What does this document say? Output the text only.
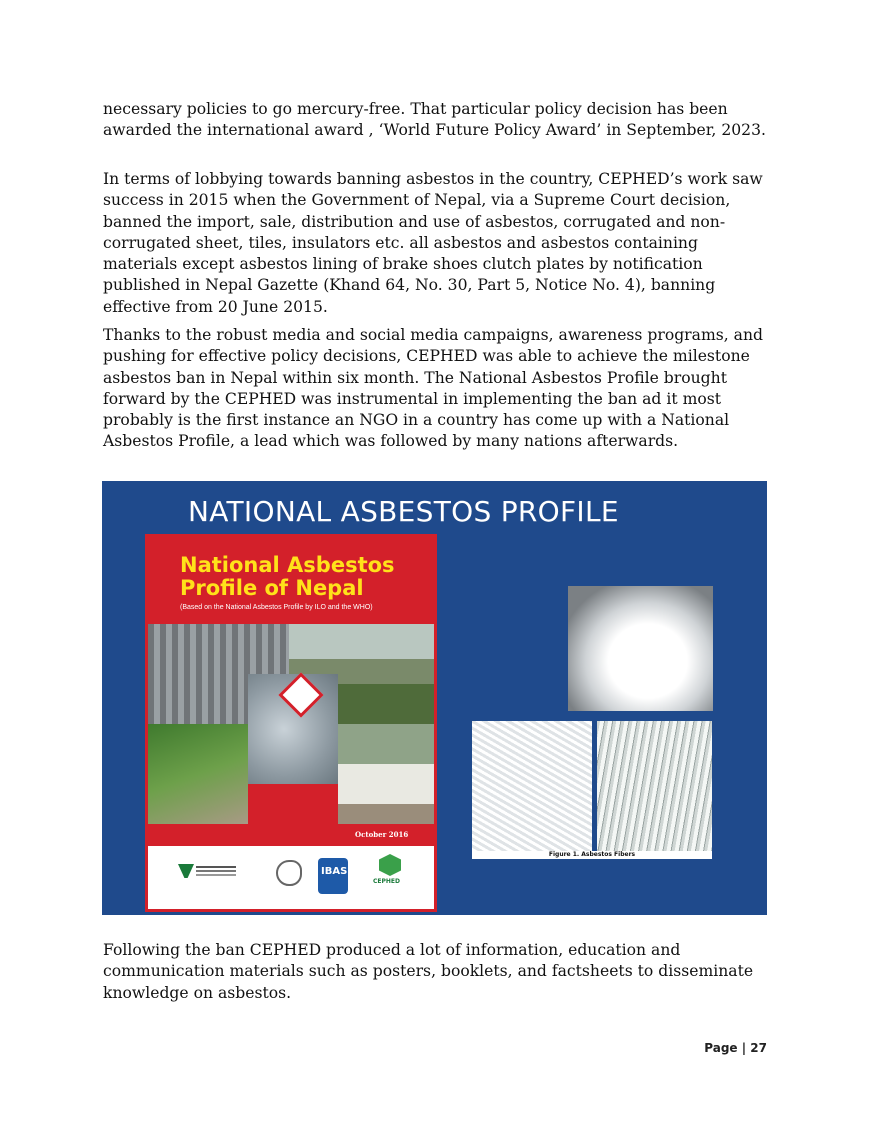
necessary policies to go mercury-free. That particular policy decision has been awarded the international award , ‘World Future Policy Award’ in September, 2023.

In terms of lobbying towards banning asbestos in the country, CEPHED’s work saw success in 2015 when the Government of Nepal, via a Supreme Court decision, banned the import, sale, distribution and use of asbestos, corrugated and non-corrugated sheet, tiles, insulators etc. all asbestos and asbestos containing materials except asbestos lining of brake shoes clutch plates by notification published in Nepal Gazette (Khand 64, No. 30, Part 5, Notice No. 4), banning effective from 20 June 2015.

Thanks to the robust media and social media campaigns, awareness programs, and pushing for effective policy decisions, CEPHED was able to achieve the milestone asbestos ban in Nepal within six month. The National Asbestos Profile brought forward by the CEPHED was instrumental in implementing the ban ad it most probably is the first instance an NGO in a country has come up with a National Asbestos Profile, a lead which was followed by many nations afterwards.

NATIONAL ASBESTOS PROFILE
National Asbestos
Profile of Nepal
(Based on the National Asbestos Profile by ILO and the WHO)
October 2016
IBAS
CEPHED
Figure 1. Asbestos Fibers

Following the ban CEPHED produced a lot of information, education and communication materials such as posters, booklets, and factsheets to disseminate knowledge on asbestos.

Page | 27
